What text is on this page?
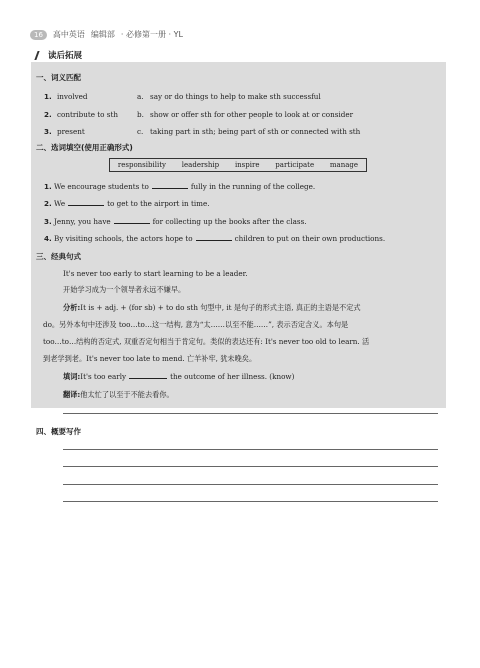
16	高中英语 编辑部 · 必修第一册 · YL
读后拓展
一、词义匹配
1. involved	a. say or do things to help to make sth successful
2. contribute to sth	b. show or offer sth for other people to look at or consider
3. present	c. taking part in sth; being part of sth or connected with sth
二、选词填空(使用正确形式)
responsibility leadership inspire participate manage
1. We encourage students to	fully in the running of the college.
2. We	to get to the airport in time.
3. Jenny, you have	for collecting up the books after the class.
4. By visiting schools, the actors hope to	children to put on their own productions.
三、经典句式
It's never too early to start learning to be a leader.
开始学习成为一个领导者永远不嫌早。
分析:It is + adj. + (for sb) + to do sth 句型中, it 是句子的形式主语, 真正的主语是不定式
do。另外本句中还涉及 too…to…这一结构, 意为“太……以至不能……”, 表示否定含义。本句是
too…to…结构的否定式, 双重否定句相当于肯定句。类似的表达还有: It's never too old to learn. 活
到老学到老。It's never too late to mend. 亡羊补牢, 犹未晚矣。
填词:It's too early	the outcome of her illness. (know)
翻译:他太忙了以至于不能去看你。
四、概要写作
